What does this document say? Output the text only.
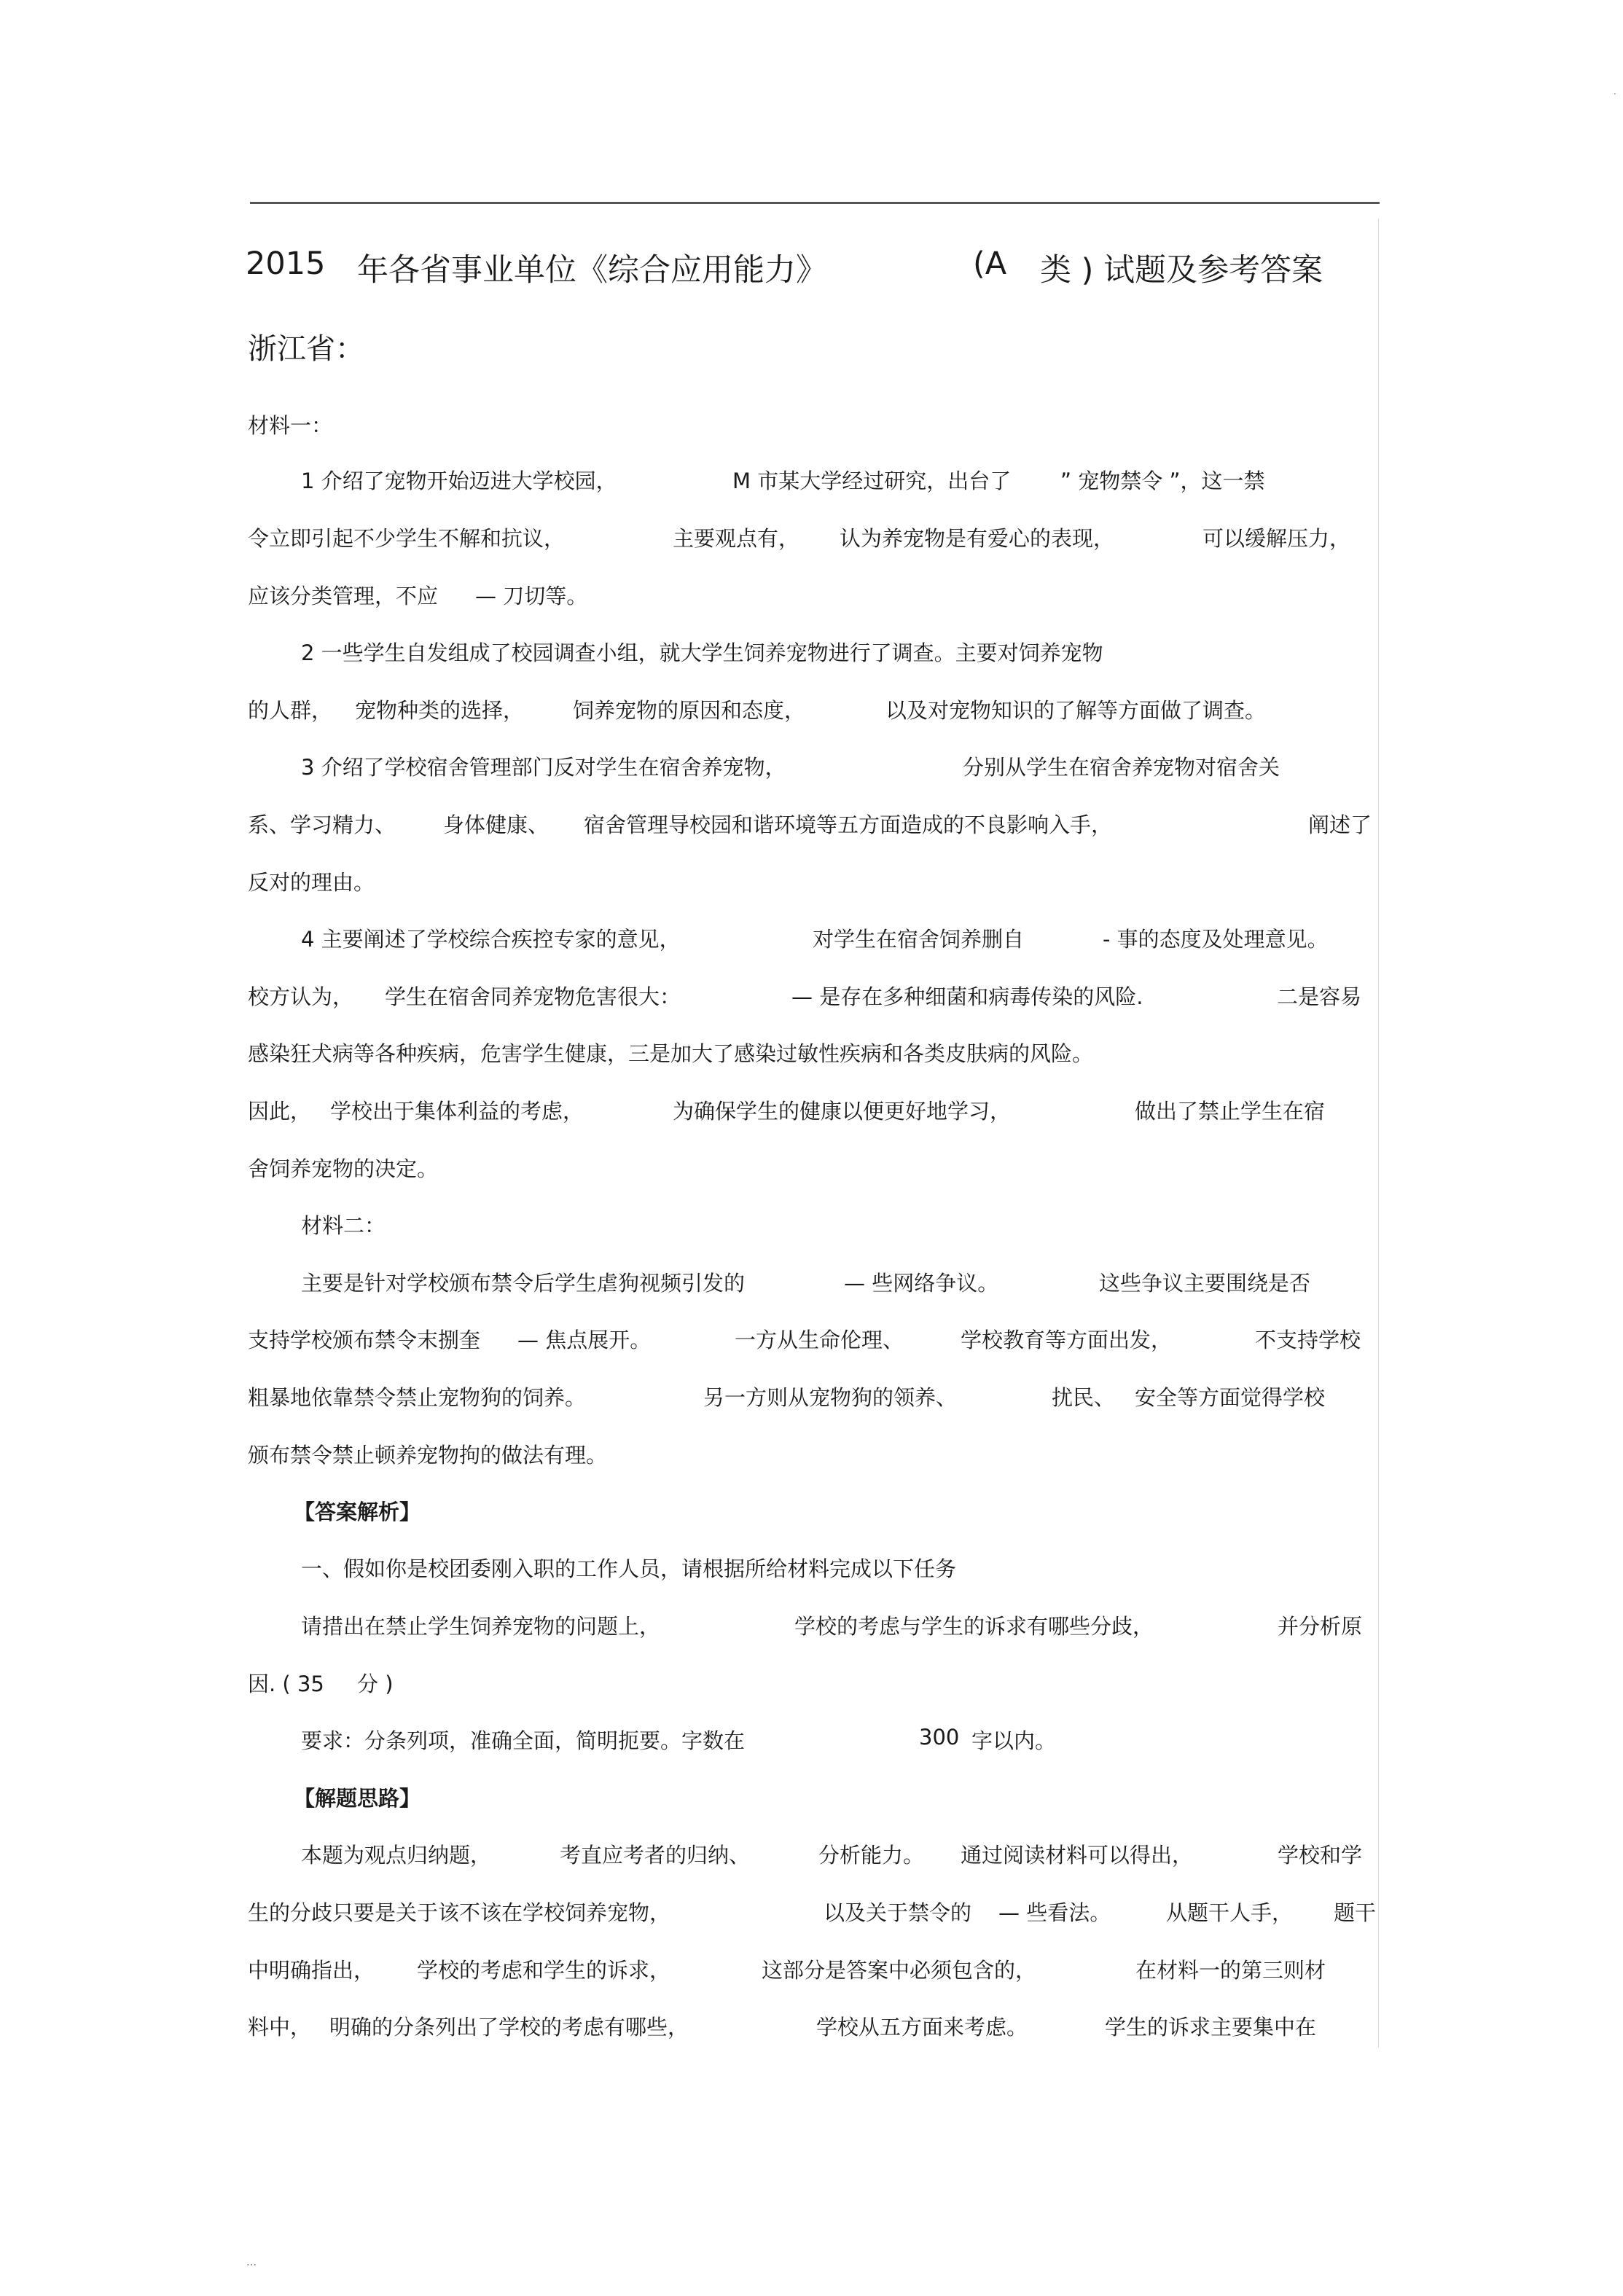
·
2015 年各省事业单位《综合应用能力》	(A 类 ) 试题及参考答案
浙江省：
材料一：
1 介绍了宠物开始迈进大学校园，	M 市某大学经过研究，出台了 ” 宠物禁令 ”，这一禁
令立即引起不少学生不解和抗议，	主要观点有， 认为养宠物是有爱心的表现，	可以缓解压力，
应该分类管理，不应 — 刀切等。
2 一些学生自发组成了校园调查小组，就大学生饲养宠物进行了调查。主要对饲养宠物
的人群， 宠物种类的选择， 饲养宠物的原因和态度，	以及对宠物知识的了解等方面做了调查。
3 介绍了学校宿舍管理部门反对学生在宿舍养宠物，	分别从学生在宿舍养宠物对宿舍关
系、学习精力、 身体健康、 宿舍管理导校园和谐环境等五方面造成的不良影响入手，	阐述了
反对的理由。
4 主要阐述了学校综合疾控专家的意见，	对学生在宿舍饲养删自	- 事的态度及处理意见。
校方认为， 学生在宿舍同养宠物危害很大：	— 是存在多种细菌和病毒传染的风险.	二是容易
感染狂犬病等各种疾病，危害学生健康，三是加大了感染过敏性疾病和各类皮肤病的风险。
因此， 学校出于集体利益的考虑，	为确保学生的健康以便更好地学习，	做出了禁止学生在宿
舍饲养宠物的决定。
材料二：
主要是针对学校颁布禁令后学生虐狗视频引发的	— 些网络争议。	这些争议主要围绕是否
支持学校颁布禁令末捌奎 — 焦点展开。	一方从生命伦理、	学校教育等方面出发，	不支持学校
粗暴地依靠禁令禁止宠物狗的饲养。	另一方则从宠物狗的领养、	扰民、 安全等方面觉得学校
颁布禁令禁止顿养宠物拘的做法有理。
【答案解析】
一、假如你是校团委刚入职的工作人员，请根据所给材料完成以下任务
请措出在禁止学生饲养宠物的问题上，	学校的考虑与学生的诉求有哪些分歧，	并分析原
因. ( 35 分 )
要求：分条列项，准确全面，简明扼要。字数在	300 字以内。
【解题思路】
本题为观点归纳题，	考直应考者的归纳、	分析能力。 通过阅读材料可以得出，	学校和学
生的分歧只要是关于该不该在学校饲养宠物，	以及关于禁令的 — 些看法。	从题干人手， 题干
中明确指出， 学校的考虑和学生的诉求，	这部分是答案中必须包含的，	在材料一的第三则材
料中， 明确的分条列出了学校的考虑有哪些，	学校从五方面来考虑。	学生的诉求主要集中在
…
